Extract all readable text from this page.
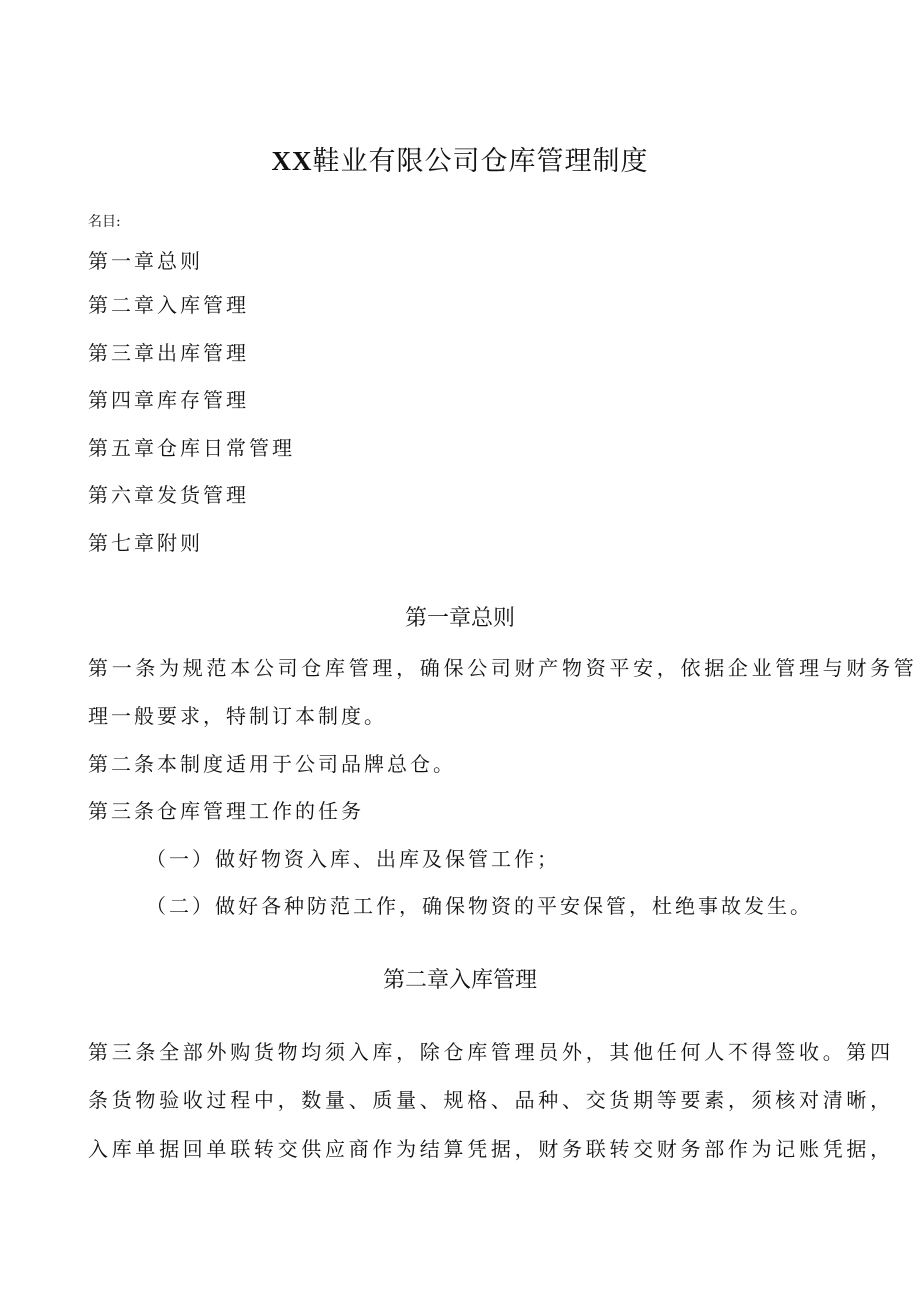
XX鞋业有限公司仓库管理制度
名目:
第一章总则
第二章入库管理
第三章出库管理
第四章库存管理
第五章仓库日常管理
第六章发货管理
第七章附则
第一章总则
第一条为规范本公司仓库管理，确保公司财产物资平安，依据企业管理与财务管
理一般要求，特制订本制度。
第二条本制度适用于公司品牌总仓。
第三条仓库管理工作的任务
（一）做好物资入库、出库及保管工作；
（二）做好各种防范工作，确保物资的平安保管，杜绝事故发生。
第二章入库管理
第三条全部外购货物均须入库，除仓库管理员外，其他任何人不得签收。第四
条货物验收过程中，数量、质量、规格、品种、交货期等要素，须核对清晰，
入库单据回单联转交供应商作为结算凭据，财务联转交财务部作为记账凭据，
